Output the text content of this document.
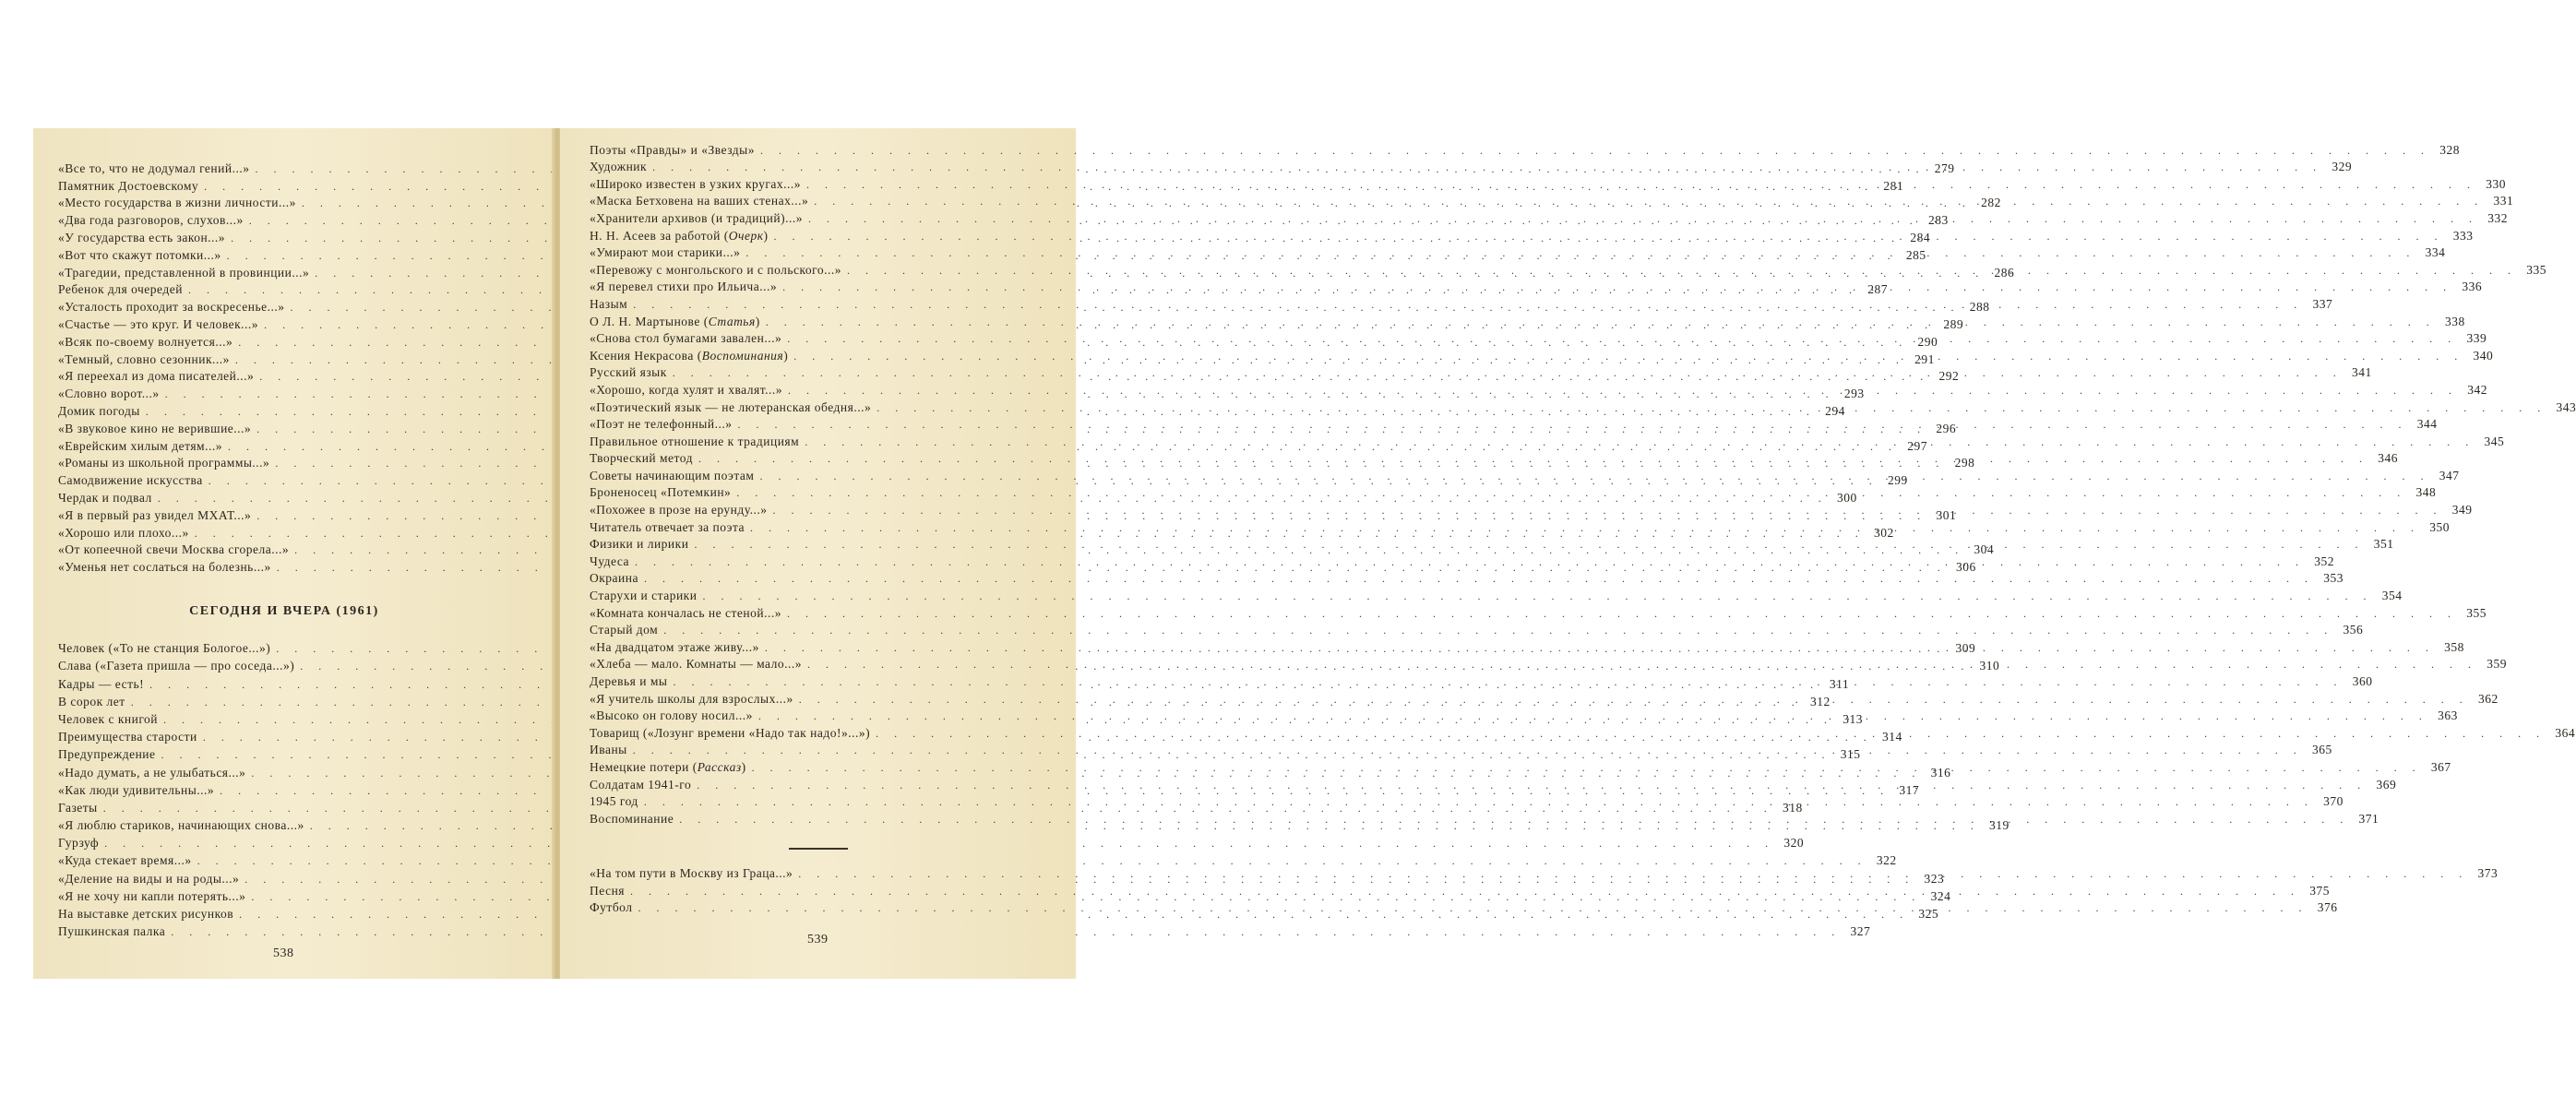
«Все то, что не додумал гений...» . . .	279
Памятник Достоевскому . . .	281
«Место государства в жизни личности...» . . .	282
«Два года разговоров, слухов...» . . .	283
«У государства есть закон...» . . .	284
«Вот что скажут потомки...» . . .	285
«Трагедии, представленной в провинции...» . . .	286
Ребенок для очередей . . .	287
«Усталость проходит за воскресенье...» . . .	288
«Счастье — это круг. И человек...» . . .	289
«Всяк по-своему волнуется...» . . .	290
«Темный, словно сезонник...» . . .	291
«Я переехал из дома писателей...» . . .	292
«Словно ворот...» . . .	293
Домик погоды . . .	294
«В звуковое кино не верившие...» . . .	296
«Еврейским хилым детям...» . . .	297
«Романы из школьной программы...» . . .	298
Самодвижение искусства . . .	299
Чердак и подвал . . .	300
«Я в первый раз увидел МХАТ...» . . .	301
«Хорошо или плохо...» . . .	302
«От копеечной свечи Москва сгорела...» . . .	304
«Уменья нет сослаться на болезнь...» . . .	306
СЕГОДНЯ И ВЧЕРА (1961)
Человек («То не станция Бологое...») . . .	309
Слава («Газета пришла — про соседа...») . . .	310
Кадры — есть! . . .	311
В сорок лет . . .	312
Человек с книгой . . .	313
Преимущества старости . . .	314
Предупреждение . . .	315
«Надо думать, а не улыбаться...» . . .	316
«Как люди удивительны...» . . .	317
Газеты . . .	318
«Я люблю стариков, начинающих снова...» . . .	319
Гурзуф . . .	320
«Куда стекает время...» . . .	322
«Деление на виды и на роды...» . . .	323
«Я не хочу ни капли потерять...» . . .	324
На выставке детских рисунков . . .	325
Пушкинская палка . . .	327
538
Поэты «Правды» и «Звезды» . . .	328
Художник . . .	329
«Широко известен в узких кругах...» . . .	330
«Маска Бетховена на ваших стенах...» . . .	331
«Хранители архивов (и традиций)...» . . .	332
Н. Н. Асеев за работой (Очерк) . . .	333
«Умирают мои старики...» . . .	334
«Перевожу с монгольского и с польского...» . . .	335
«Я перевел стихи про Ильича...» . . .	336
Назым . . .	337
О Л. Н. Мартынове (Статья) . . .	338
«Снова стол бумагами завален...» . . .	339
Ксения Некрасова (Воспоминания) . . .	340
Русский язык . . .	341
«Хорошо, когда хулят и хвалят...» . . .	342
«Поэтический язык — не лютеранская обедня...» . . .	343
«Поэт не телефонный...» . . .	344
Правильное отношение к традициям . . .	345
Творческий метод . . .	346
Советы начинающим поэтам . . .	347
Броненосец «Потемкин» . . .	348
«Похожее в прозе на ерунду...» . . .	349
Читатель отвечает за поэта . . .	350
Физики и лирики . . .	351
Чудеса . . .	352
Окраина . . .	353
Старухи и старики . . .	354
«Комната кончалась не стеной...» . . .	355
Старый дом . . .	356
«На двадцатом этаже живу...» . . .	358
«Хлеба — мало. Комнаты — мало...» . . .	359
Деревья и мы . . .	360
«Я учитель школы для взрослых...» . . .	362
«Высоко он голову носил...» . . .	363
Товарищ («Лозунг времени «Надо так надо!»...») . . .	364
Иваны . . .	365
Немецкие потери (Рассказ) . . .	367
Солдатам 1941-го . . .	369
1945 год . . .	370
Воспоминание . . .	371
«На том пути в Москву из Граца...» . . .	373
Песня . . .	375
Футбол . . .	376
539
